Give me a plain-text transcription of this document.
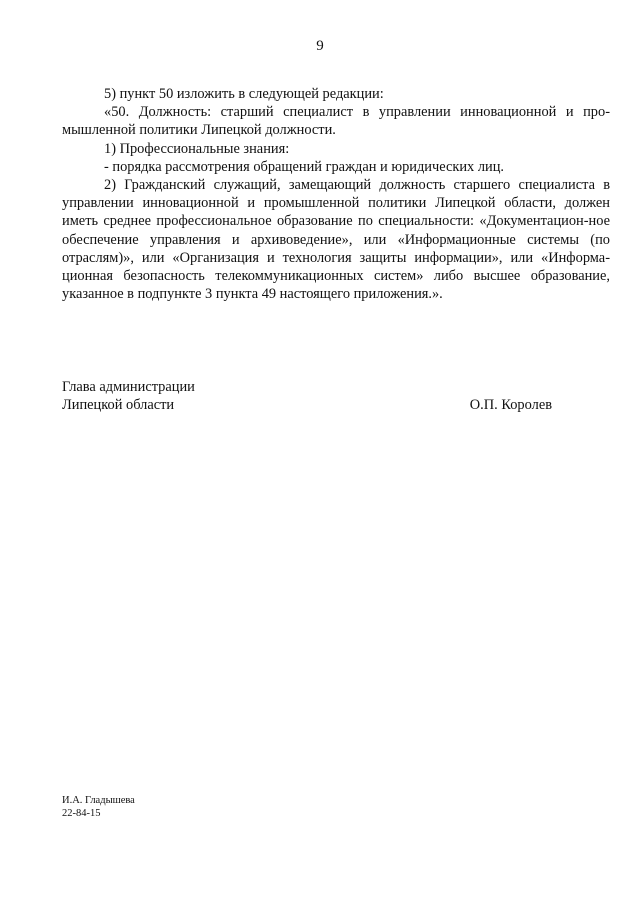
9

5) пункт 50 изложить в следующей редакции:

«50. Должность: старший специалист в управлении инновационной и про-мышленной политики Липецкой должности.

1) Профессиональные знания:

- порядка рассмотрения обращений граждан и юридических лиц.

2) Гражданский служащий, замещающий должность старшего специалиста в управлении инновационной и промышленной политики Липецкой области, должен иметь среднее профессиональное образование по специальности: «Документацион-ное обеспечение управления и архивоведение», или «Информационные системы (по отраслям)», или «Организация и технология защиты информации», или «Информа-ционная безопасность телекоммуникационных систем» либо высшее образование, указанное в подпункте 3 пункта 49 настоящего приложения.».

Глава администрации
Липецкой области	О.П. Королев
И.А. Гладышева
22-84-15
